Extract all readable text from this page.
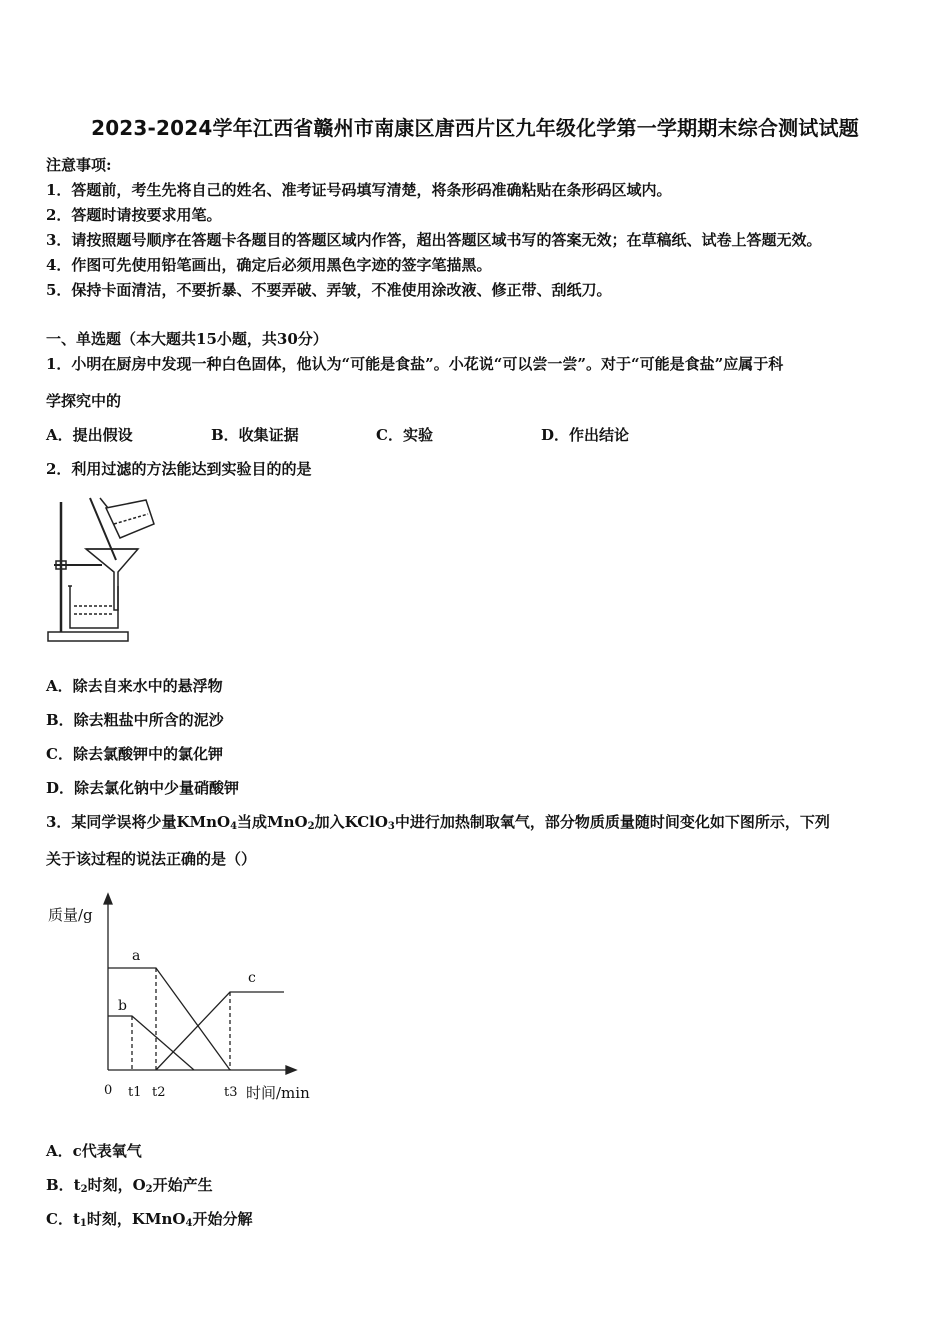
2023-2024学年江西省赣州市南康区唐西片区九年级化学第一学期期末综合测试试题
注意事项:
1．答题前，考生先将自己的姓名、准考证号码填写清楚，将条形码准确粘贴在条形码区域内。
2．答题时请按要求用笔。
3．请按照题号顺序在答题卡各题目的答题区域内作答，超出答题区域书写的答案无效；在草稿纸、试卷上答题无效。
4．作图可先使用铅笔画出，确定后必须用黑色字迹的签字笔描黑。
5．保持卡面清洁，不要折暴、不要弄破、弄皱，不准使用涂改液、修正带、刮纸刀。
一、单选题（本大题共15小题，共30分）
1．小明在厨房中发现一种白色固体，他认为“可能是食盐”。小花说“可以尝一尝”。对于“可能是食盐”应属于科
学探究中的
A．提出假设	B．收集证据	C．实验	D．作出结论
2．利用过滤的方法能达到实验目的的是
A．除去自来水中的悬浮物
B．除去粗盐中所含的泥沙
C．除去氯酸钾中的氯化钾
D．除去氯化钠中少量硝酸钾
3．某同学误将少量KMnO$_4$当成MnO$_2$加入KClO$_3$中进行加热制取氧气，部分物质质量随时间变化如下图所示，下列
关于该过程的说法正确的是（）
质量/g
a
b
c
0 t1 t2	t3 时间/min
A．c代表氧气
B．$t_2$时刻，$O_2$开始产生
C．$t_1$时刻，KMnO$_4$开始分解
